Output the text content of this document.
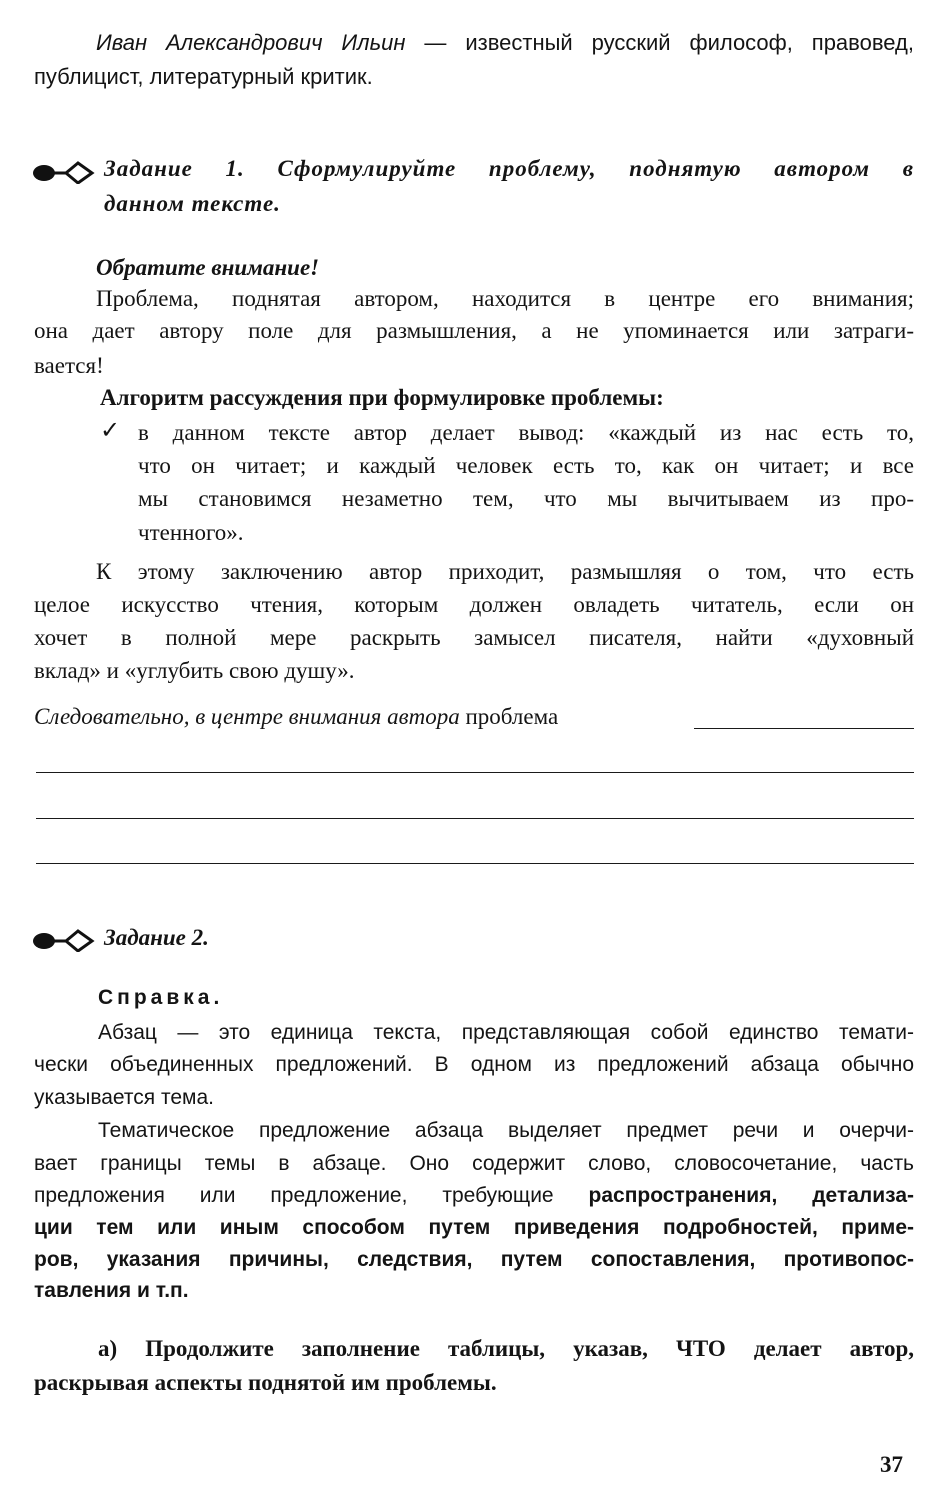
Иван Александрович Ильин — известный русский философ, правовед,
публицист, литературный критик.
Задание 1. Сформулируйте проблему, поднятую автором в
данном тексте.
Обратите внимание!
Проблема, поднятая автором, находится в центре его внимания;
она дает автору поле для размышления, а не упоминается или затраги-
вается!
Алгоритм рассуждения при формулировке проблемы:
✓ в данном тексте автор делает вывод: «каждый из нас есть то,
что он читает; и каждый человек есть то, как он читает; и все
мы становимся незаметно тем, что мы вычитываем из про-
чтенного».
К этому заключению автор приходит, размышляя о том, что есть
целое искусство чтения, которым должен овладеть читатель, если он
хочет в полной мере раскрыть замысел писателя, найти «духовный
вклад» и «углубить свою душу».
Следовательно, в центре внимания автора проблема
Задание 2.
Справка.
Абзац — это единица текста, представляющая собой единство темати-
чески объединенных предложений. В одном из предложений абзаца обычно
указывается тема.
Тематическое предложение абзаца выделяет предмет речи и очерчи-
вает границы темы в абзаце. Оно содержит слово, словосочетание, часть
предложения или предложение, требующие распространения, детализа-
ции тем или иным способом путем приведения подробностей, приме-
ров, указания причины, следствия, путем сопоставления, противопос-
тавления и т.п.
а) Продолжите заполнение таблицы, указав, ЧТО делает автор,
раскрывая аспекты поднятой им проблемы.
37
